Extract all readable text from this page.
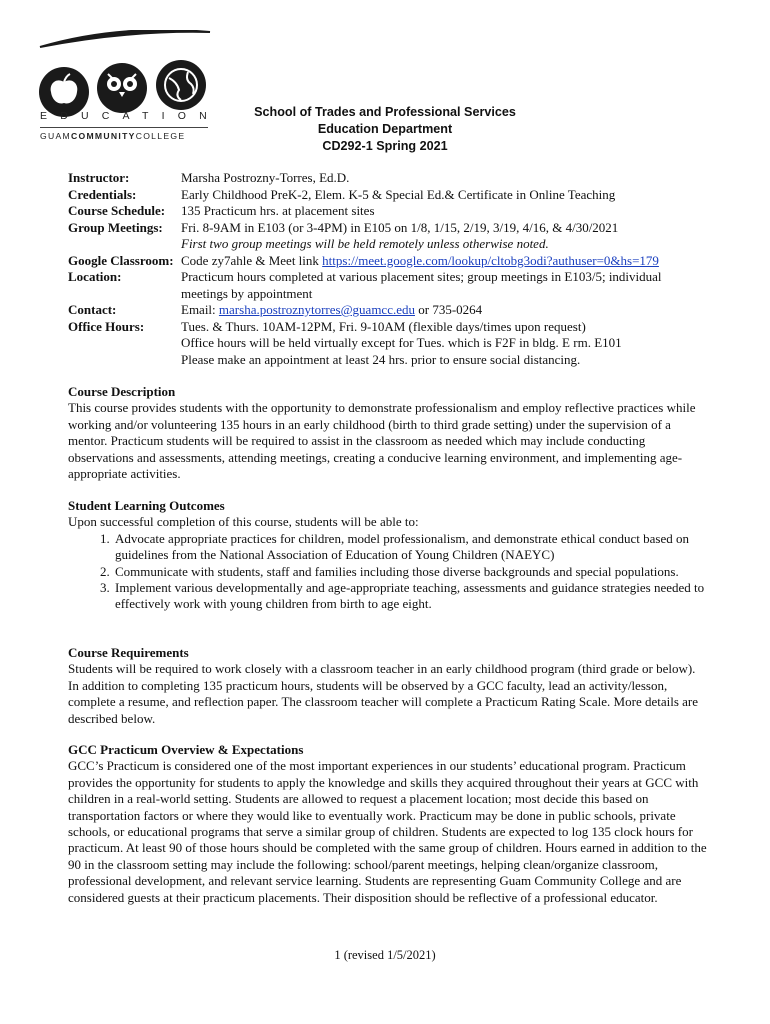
EDUCATION
GUAMCOMMUNITYCOLLEGE
School of Trades and Professional Services
Education Department
CD292-1 Spring 2021
Instructor:	Marsha Postrozny-Torres, Ed.D.
Credentials:	Early Childhood PreK-2, Elem. K-5 & Special Ed.& Certificate in Online Teaching
Course Schedule:	135 Practicum hrs. at placement sites
Group Meetings:	Fri. 8-9AM in E103 (or 3-4PM) in E105 on 1/8, 1/15, 2/19, 3/19, 4/16, & 4/30/2021
First two group meetings will be held remotely unless otherwise noted.
Google Classroom: Code zy7ahle & Meet link https://meet.google.com/lookup/cltobg3odi?authuser=0&hs=179
Location:	Practicum hours completed at various placement sites; group meetings in E103/5; individual
meetings by appointment
Contact:	Email: marsha.postroznytorres@guamcc.edu or 735-0264
Office Hours:	Tues. & Thurs. 10AM-12PM, Fri. 9-10AM (flexible days/times upon request)
Office hours will be held virtually except for Tues. which is F2F in bldg. E rm. E101
Please make an appointment at least 24 hrs. prior to ensure social distancing.
Course Description

This course provides students with the opportunity to demonstrate professionalism and employ reflective practices while working and/or volunteering 135 hours in an early childhood (birth to third grade setting) under the supervision of a mentor. Practicum students will be required to assist in the classroom as needed which may include conducting observations and assessments, attending meetings, creating a conducive learning environment, and implementing age-appropriate activities.

Student Learning Outcomes

Upon successful completion of this course, students will be able to:

1. Advocate appropriate practices for children, model professionalism, and demonstrate ethical conduct based on guidelines from the National Association of Education of Young Children (NAEYC)
2. Communicate with students, staff and families including those diverse backgrounds and special populations.
3. Implement various developmentally and age-appropriate teaching, assessments and guidance strategies needed to effectively work with young children from birth to age eight.
Course Requirements

Students will be required to work closely with a classroom teacher in an early childhood program (third grade or below). In addition to completing 135 practicum hours, students will be observed by a GCC faculty, lead an activity/lesson, complete a resume, and reflection paper. The classroom teacher will complete a Practicum Rating Scale. More details are described below.

GCC Practicum Overview & Expectations

GCC’s Practicum is considered one of the most important experiences in our students’ educational program. Practicum provides the opportunity for students to apply the knowledge and skills they acquired throughout their years at GCC with children in a real-world setting. Students are allowed to request a placement location; most decide this based on transportation factors or where they would like to eventually work. Practicum may be done in public schools, private schools, or educational programs that serve a similar group of children. Students are expected to log 135 clock hours for practicum. At least 90 of those hours should be completed with the same group of children. Hours earned in addition to the 90 in the classroom setting may include the following: school/parent meetings, helping clean/organize classroom, professional development, and relevant service learning. Students are representing Guam Community College and are considered guests at their practicum placements. Their disposition should be reflective of a professional educator.

1 (revised 1/5/2021)
